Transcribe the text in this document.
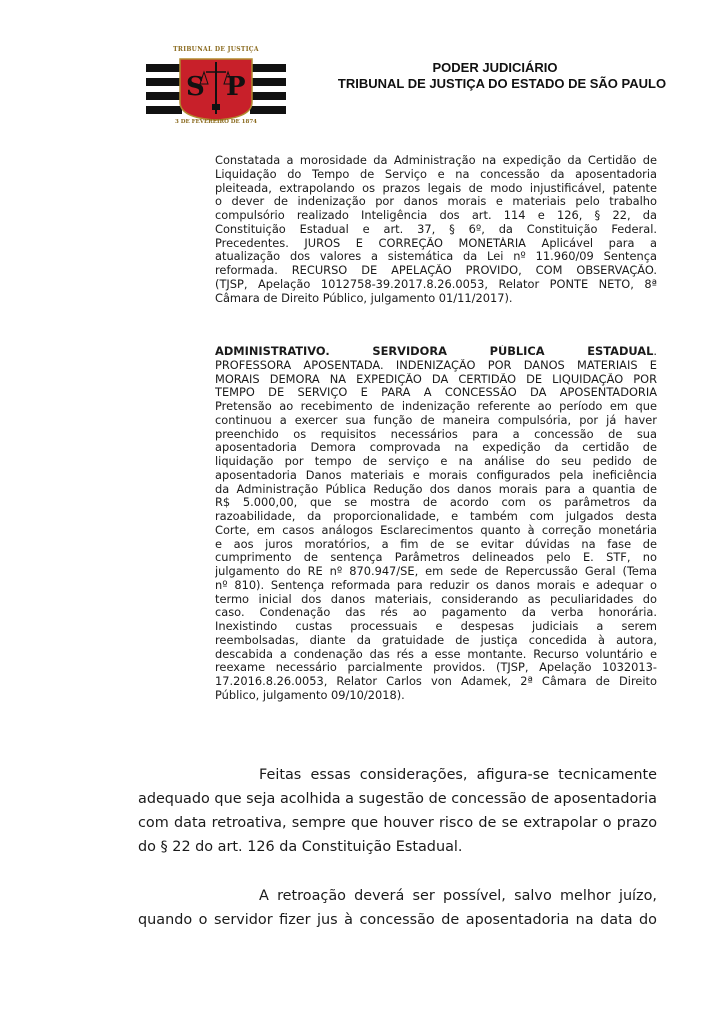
TRIBUNAL DE JUSTIÇA
S P
3 DE FEVEREIRO DE 1874
PODER JUDICIÁRIO
TRIBUNAL DE JUSTIÇA DO ESTADO DE SÃO PAULO
Constatada a morosidade da Administração na expedição da Certidão de
Liquidação do Tempo de Serviço e na concessão da aposentadoria
pleiteada, extrapolando os prazos legais de modo injustificável, patente
o dever de indenização por danos morais e materiais pelo trabalho
compulsório realizado Inteligência dos art. 114 e 126, § 22, da
Constituição Estadual e art. 37, § 6º, da Constituição Federal.
Precedentes. JUROS E CORREÇÃO MONETÁRIA Aplicável para a
atualização dos valores a sistemática da Lei nº 11.960/09 Sentença
reformada. RECURSO DE APELAÇÃO PROVIDO, COM OBSERVAÇÃO.
(TJSP, Apelação 1012758-39.2017.8.26.0053, Relator PONTE NETO, 8ª
Câmara de Direito Público, julgamento 01/11/2017).
ADMINISTRATIVO. SERVIDORA PÚBLICA ESTADUAL.
PROFESSORA APOSENTADA. INDENIZAÇÃO POR DANOS MATERIAIS E
MORAIS DEMORA NA EXPEDIÇÃO DA CERTIDÃO DE LIQUIDAÇÃO POR
TEMPO DE SERVIÇO E PARA A CONCESSÃO DA APOSENTADORIA
Pretensão ao recebimento de indenização referente ao período em que
continuou a exercer sua função de maneira compulsória, por já haver
preenchido os requisitos necessários para a concessão de sua
aposentadoria Demora comprovada na expedição da certidão de
liquidação por tempo de serviço e na análise do seu pedido de
aposentadoria Danos materiais e morais configurados pela ineficiência
da Administração Pública Redução dos danos morais para a quantia de
R$ 5.000,00, que se mostra de acordo com os parâmetros da
razoabilidade, da proporcionalidade, e também com julgados desta
Corte, em casos análogos Esclarecimentos quanto à correção monetária
e aos juros moratórios, a fim de se evitar dúvidas na fase de
cumprimento de sentença Parâmetros delineados pelo E. STF, no
julgamento do RE nº 870.947/SE, em sede de Repercussão Geral (Tema
nº 810). Sentença reformada para reduzir os danos morais e adequar o
termo inicial dos danos materiais, considerando as peculiaridades do
caso. Condenação das rés ao pagamento da verba honorária.
Inexistindo custas processuais e despesas judiciais a serem
reembolsadas, diante da gratuidade de justiça concedida à autora,
descabida a condenação das rés a esse montante. Recurso voluntário e
reexame necessário parcialmente providos. (TJSP, Apelação 1032013-
17.2016.8.26.0053, Relator Carlos von Adamek, 2ª Câmara de Direito
Público, julgamento 09/10/2018).
Feitas essas considerações, afigura-se tecnicamente
adequado que seja acolhida a sugestão de concessão de aposentadoria
com data retroativa, sempre que houver risco de se extrapolar o prazo
do § 22 do art. 126 da Constituição Estadual.
A retroação deverá ser possível, salvo melhor juízo,
quando o servidor fizer jus à concessão de aposentadoria na data do
